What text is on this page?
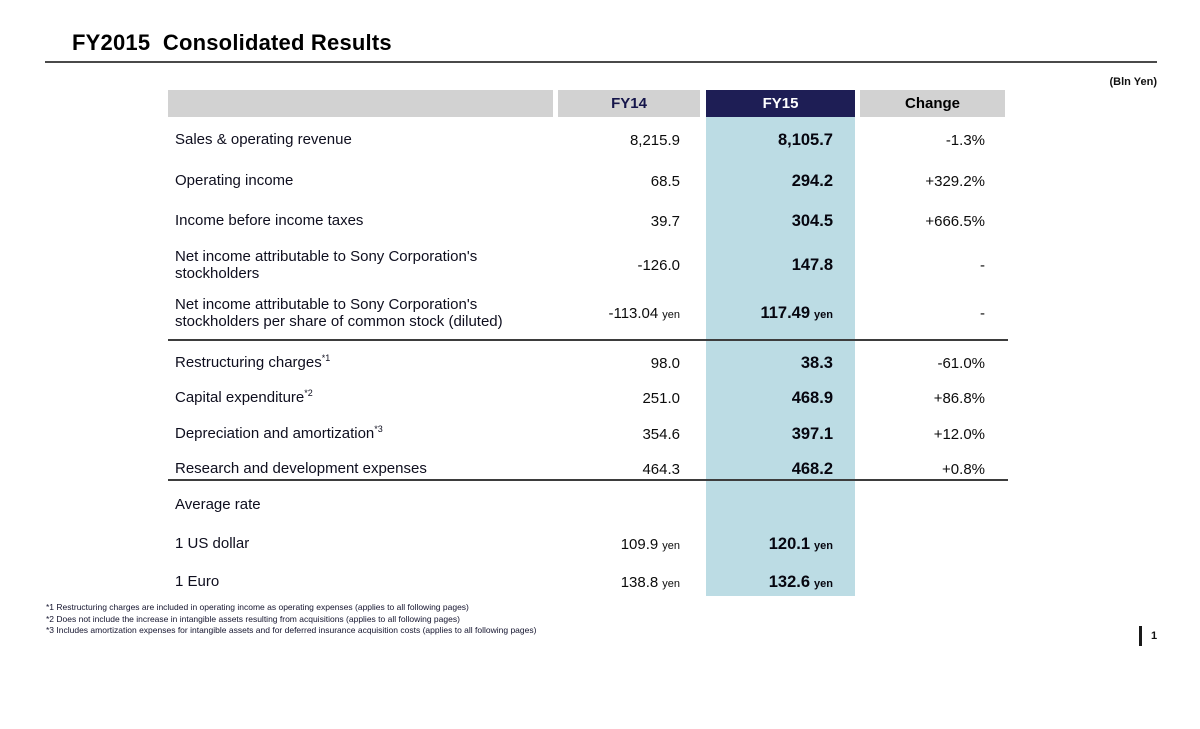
FY2015  Consolidated Results
(Bln Yen)
FY14	FY15	Change
Sales & operating revenue	8,215.9	8,105.7	-1.3%
Operating income	68.5	294.2	+329.2%
Income before income taxes	39.7	304.5	+666.5%
Net income attributable to Sony Corporation's stockholders	-126.0	147.8	-
Net income attributable to Sony Corporation's stockholders per share of common stock (diluted)	-113.04 yen	117.49 yen	-
Restructuring charges$^{*1}$	98.0	38.3	-61.0%
Capital expenditure$^{*2}$	251.0	468.9	+86.8%
Depreciation and amortization$^{*3}$	354.6	397.1	+12.0%
Research and development expenses	464.3	468.2	+0.8%
Average rate
1 US dollar	109.9 yen	120.1 yen
1 Euro	138.8 yen	132.6 yen
*1 Restructuring charges are included in operating income as operating expenses (applies to all following pages)
*2 Does not include the increase in intangible assets resulting from acquisitions (applies to all following pages)
*3 Includes amortization expenses for intangible assets and for deferred insurance acquisition costs (applies to all following pages)	1
